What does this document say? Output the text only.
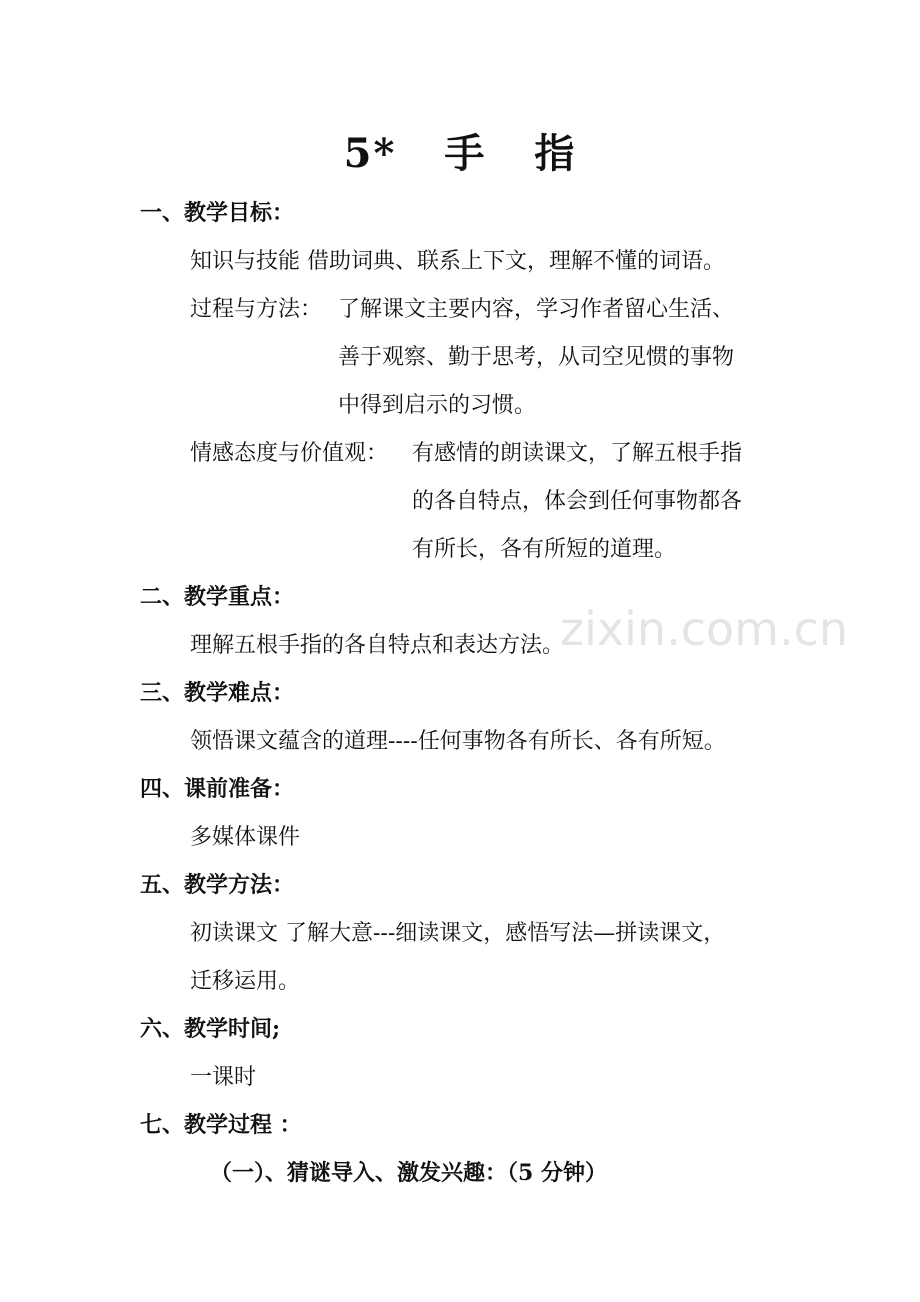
zixin.com.cn
5* 手 指
一、教学目标：
知识与技能 借助词典、联系上下文，理解不懂的词语。
过程与方法： 了解课文主要内容，学习作者留心生活、
善于观察、勤于思考，从司空见惯的事物
中得到启示的习惯。
情感态度与价值观： 有感情的朗读课文，了解五根手指
的各自特点，体会到任何事物都各
有所长，各有所短的道理。
二、教学重点：
理解五根手指的各自特点和表达方法。
三、教学难点：
领悟课文蕴含的道理----任何事物各有所长、各有所短。
四、课前准备：
多媒体课件
五、教学方法：
初读课文 了解大意---细读课文，感悟写法—拼读课文，
迁移运用。
六、教学时间;
一课时
七、教学过程 ：
（一）、猜谜导入、激发兴趣：（5 分钟）
